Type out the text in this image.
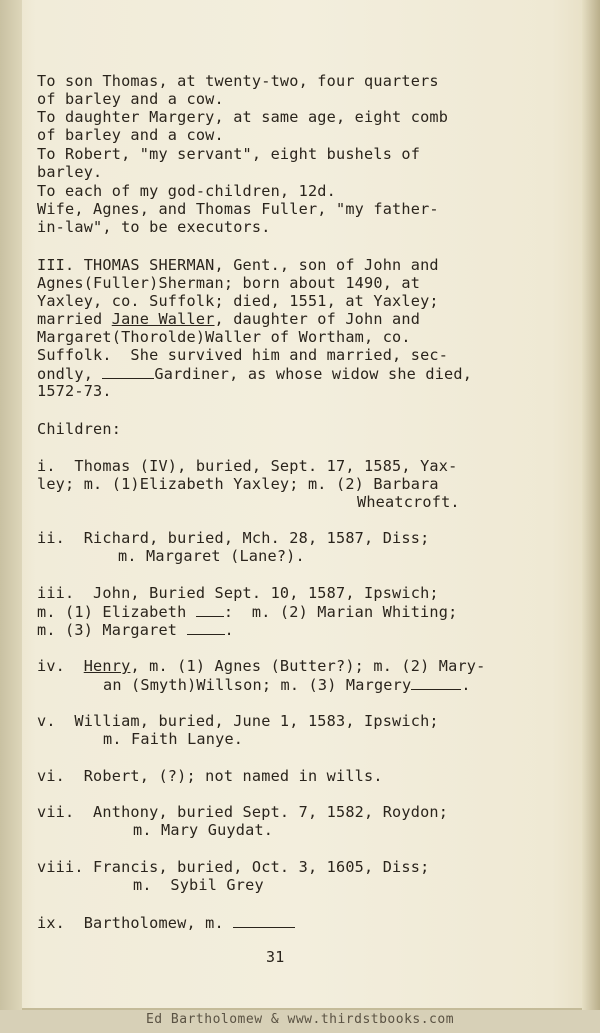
To son Thomas, at twenty-two, four quarters
of barley and a cow.
To daughter Margery, at same age, eight comb
of barley and a cow.
To Robert, "my servant", eight bushels of
barley.
To each of my god-children, 12d.
Wife, Agnes, and Thomas Fuller, "my father-
in-law", to be executors.
III. THOMAS SHERMAN, Gent., son of John and
Agnes(Fuller)Sherman; born about 1490, at
Yaxley, co. Suffolk; died, 1551, at Yaxley;
married Jane Waller, daughter of John and
Margaret(Thorolde)Waller of Wortham, co.
Suffolk.  She survived him and married, sec-
ondly,	Gardiner, as whose widow she died,
1572-73.
Children:
i.  Thomas (IV), buried, Sept. 17, 1585, Yax-
ley; m. (1)Elizabeth Yaxley; m. (2) Barbara
Wheatcroft.
ii.  Richard, buried, Mch. 28, 1587, Diss;
m. Margaret (Lane?).
iii.  John, Buried Sept. 10, 1587, Ipswich;
m. (1) Elizabeth :  m. (2) Marian Whiting;
m. (3) Margaret	.
iv.  Henry, m. (1) Agnes (Butter?); m. (2) Mary-
an (Smyth)Willson; m. (3) Margery	.
v.  William, buried, June 1, 1583, Ipswich;
m. Faith Lanye.
vi.  Robert, (?); not named in wills.
vii.  Anthony, buried Sept. 7, 1582, Roydon;
m. Mary Guydat.
viii. Francis, buried, Oct. 3, 1605, Diss;
m.  Sybil Grey
ix.  Bartholomew, m.
31
Ed Bartholomew & www.thirdstbooks.com
